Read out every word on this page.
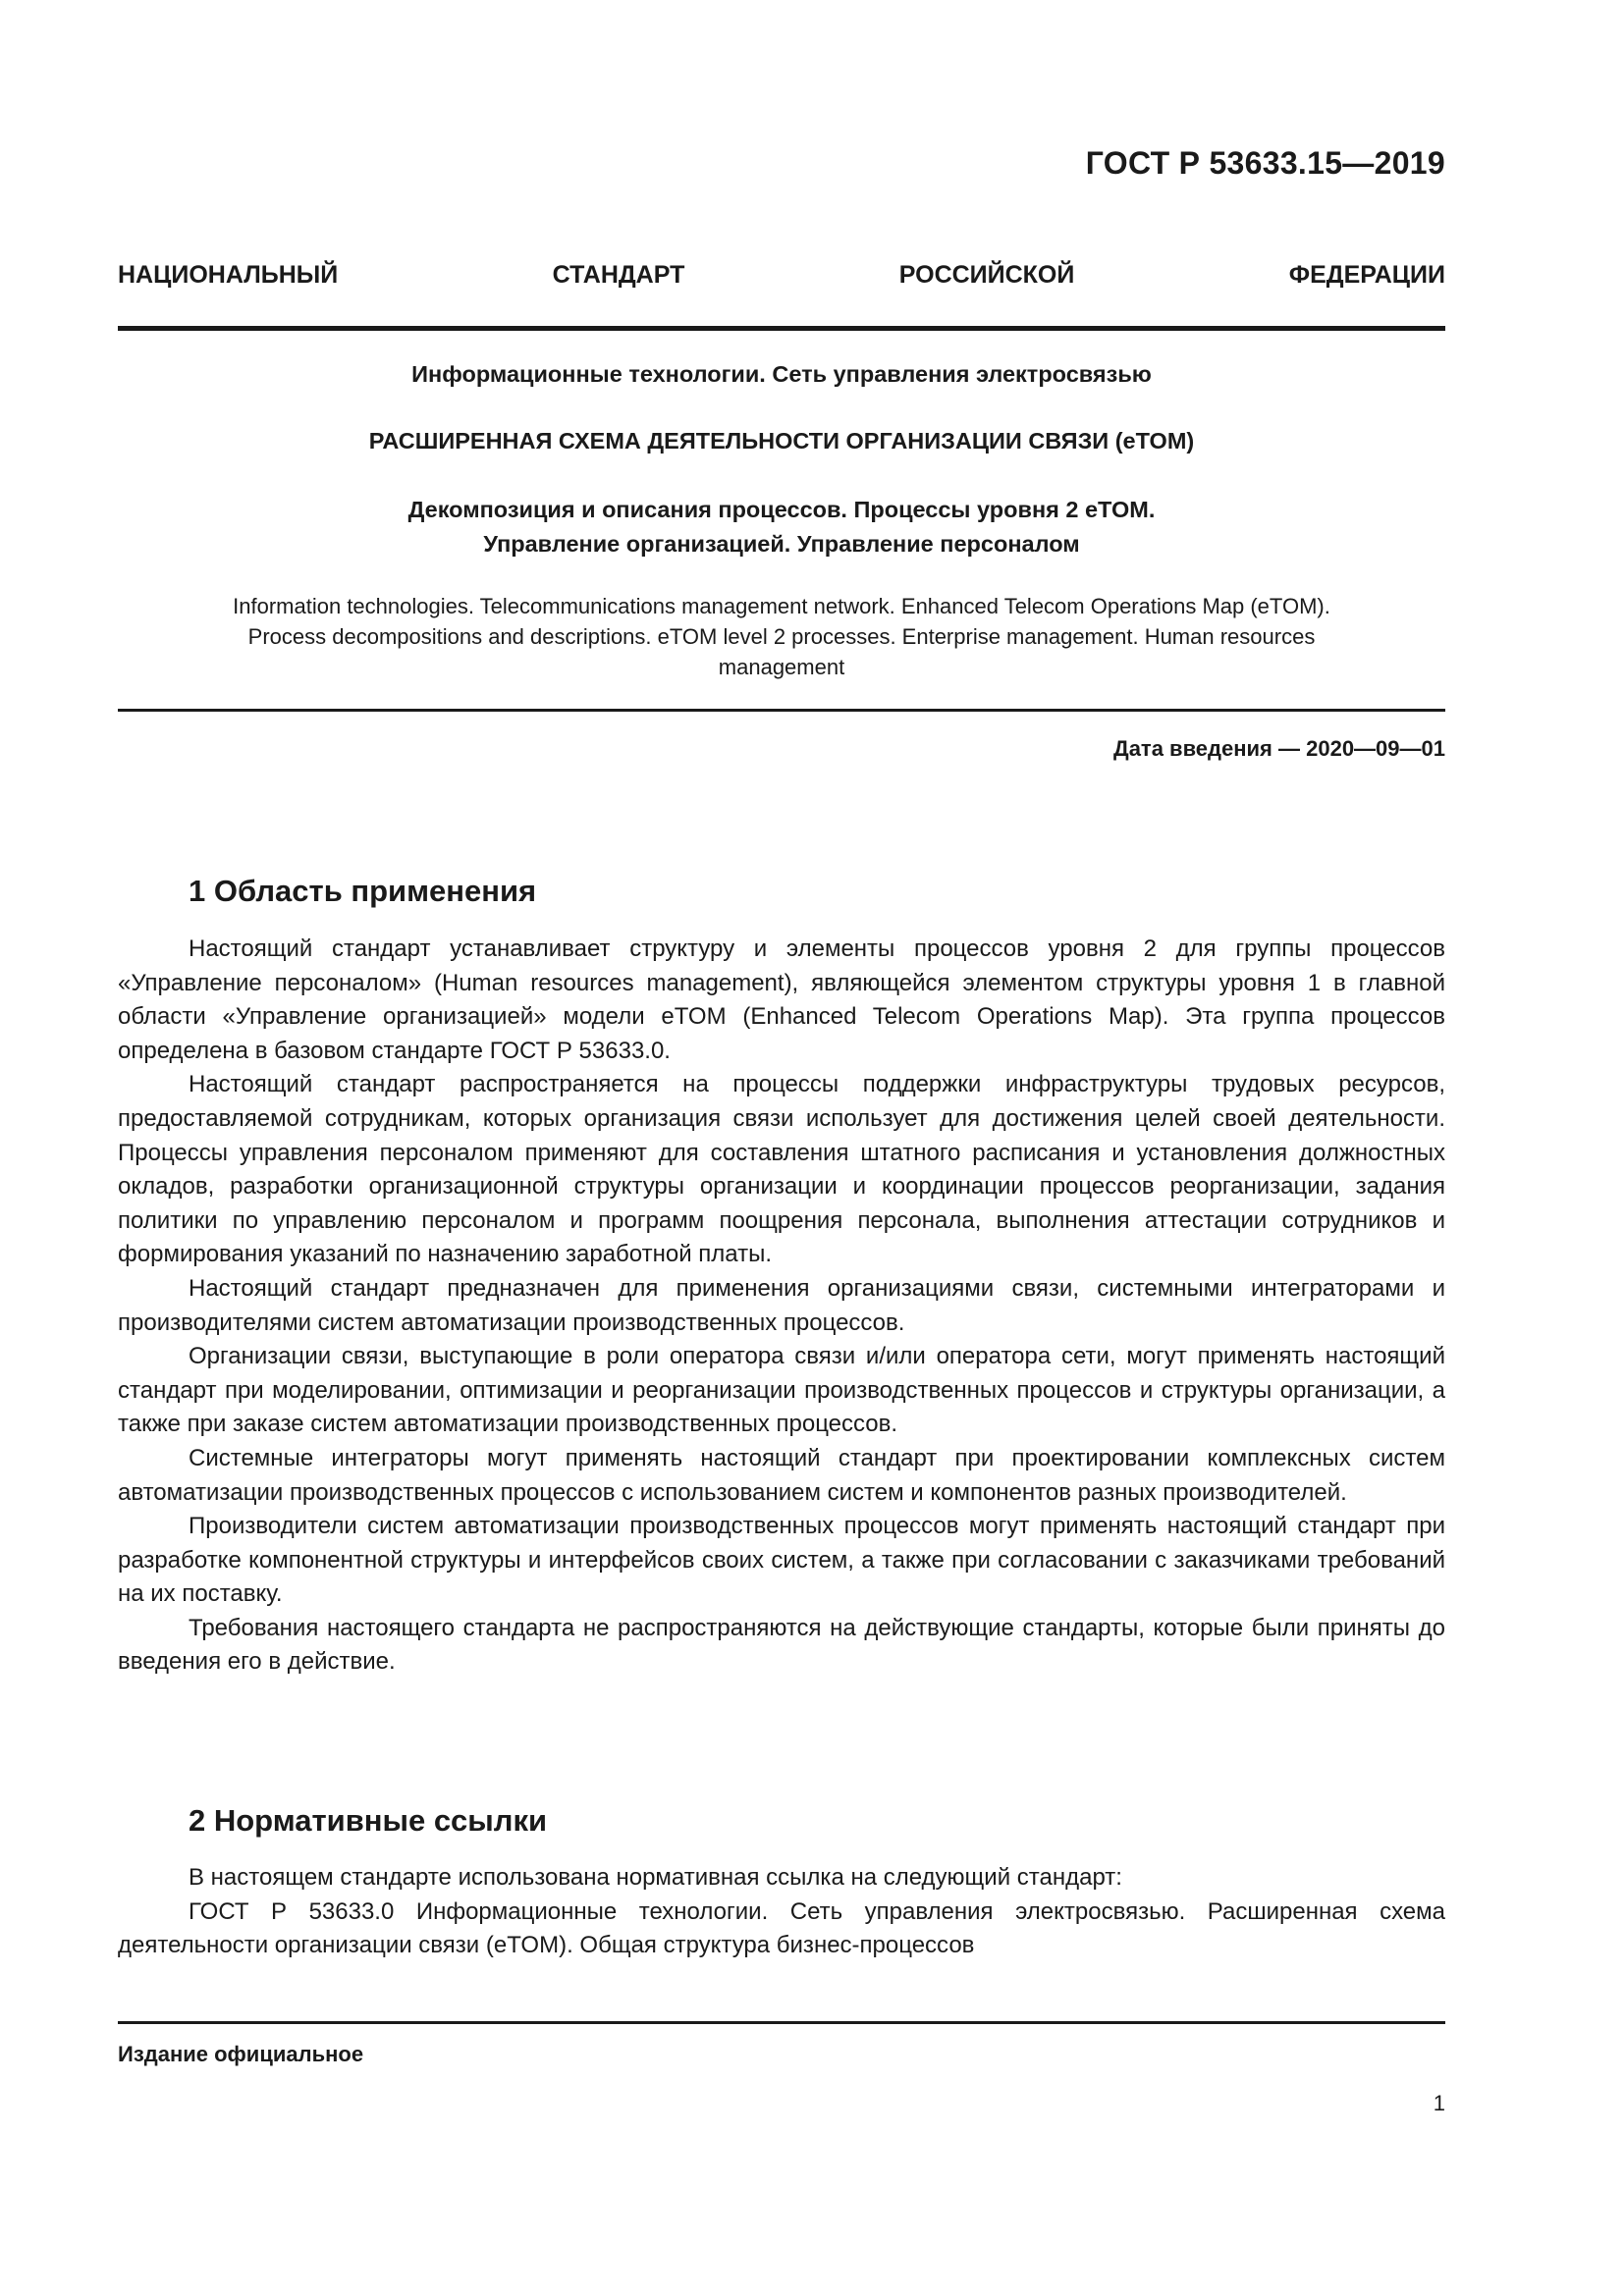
ГОСТ Р 53633.15—2019
НАЦИОНАЛЬНЫЙ СТАНДАРТ РОССИЙСКОЙ ФЕДЕРАЦИИ
Информационные технологии. Сеть управления электросвязью
РАСШИРЕННАЯ СХЕМА ДЕЯТЕЛЬНОСТИ ОРГАНИЗАЦИИ СВЯЗИ (eTOM)
Декомпозиция и описания процессов. Процессы уровня 2 eTOM.
Управление организацией. Управление персоналом
Information technologies. Telecommunications management network. Enhanced Telecom Operations Map (eTOM).
Process decompositions and descriptions. eTOM level 2 processes. Enterprise management. Human resources
management
Дата введения — 2020—09—01
1 Область применения

Настоящий стандарт устанавливает структуру и элементы процессов уровня 2 для группы процессов «Управление персоналом» (Human resources management), являющейся элементом структуры уровня 1 в главной области «Управление организацией» модели eTOM (Enhanced Telecom Operations Map). Эта группа процессов определена в базовом стандарте ГОСТ Р 53633.0.

Настоящий стандарт распространяется на процессы поддержки инфраструктуры трудовых ресурсов, предоставляемой сотрудникам, которых организация связи использует для достижения целей своей деятельности. Процессы управления персоналом применяют для составления штатного расписания и установления должностных окладов, разработки организационной структуры организации и координации процессов реорганизации, задания политики по управлению персоналом и программ поощрения персонала, выполнения аттестации сотрудников и формирования указаний по назначению заработной платы.

Настоящий стандарт предназначен для применения организациями связи, системными интеграторами и производителями систем автоматизации производственных процессов.

Организации связи, выступающие в роли оператора связи и/или оператора сети, могут применять настоящий стандарт при моделировании, оптимизации и реорганизации производственных процессов и структуры организации, а также при заказе систем автоматизации производственных процессов.

Системные интеграторы могут применять настоящий стандарт при проектировании комплексных систем автоматизации производственных процессов с использованием систем и компонентов разных производителей.

Производители систем автоматизации производственных процессов могут применять настоящий стандарт при разработке компонентной структуры и интерфейсов своих систем, а также при согласовании с заказчиками требований на их поставку.

Требования настоящего стандарта не распространяются на действующие стандарты, которые были приняты до введения его в действие.

2 Нормативные ссылки

В настоящем стандарте использована нормативная ссылка на следующий стандарт:

ГОСТ Р 53633.0 Информационные технологии. Сеть управления электросвязью. Расширенная схема деятельности организации связи (eTOM). Общая структура бизнес-процессов

Издание официальное
1
